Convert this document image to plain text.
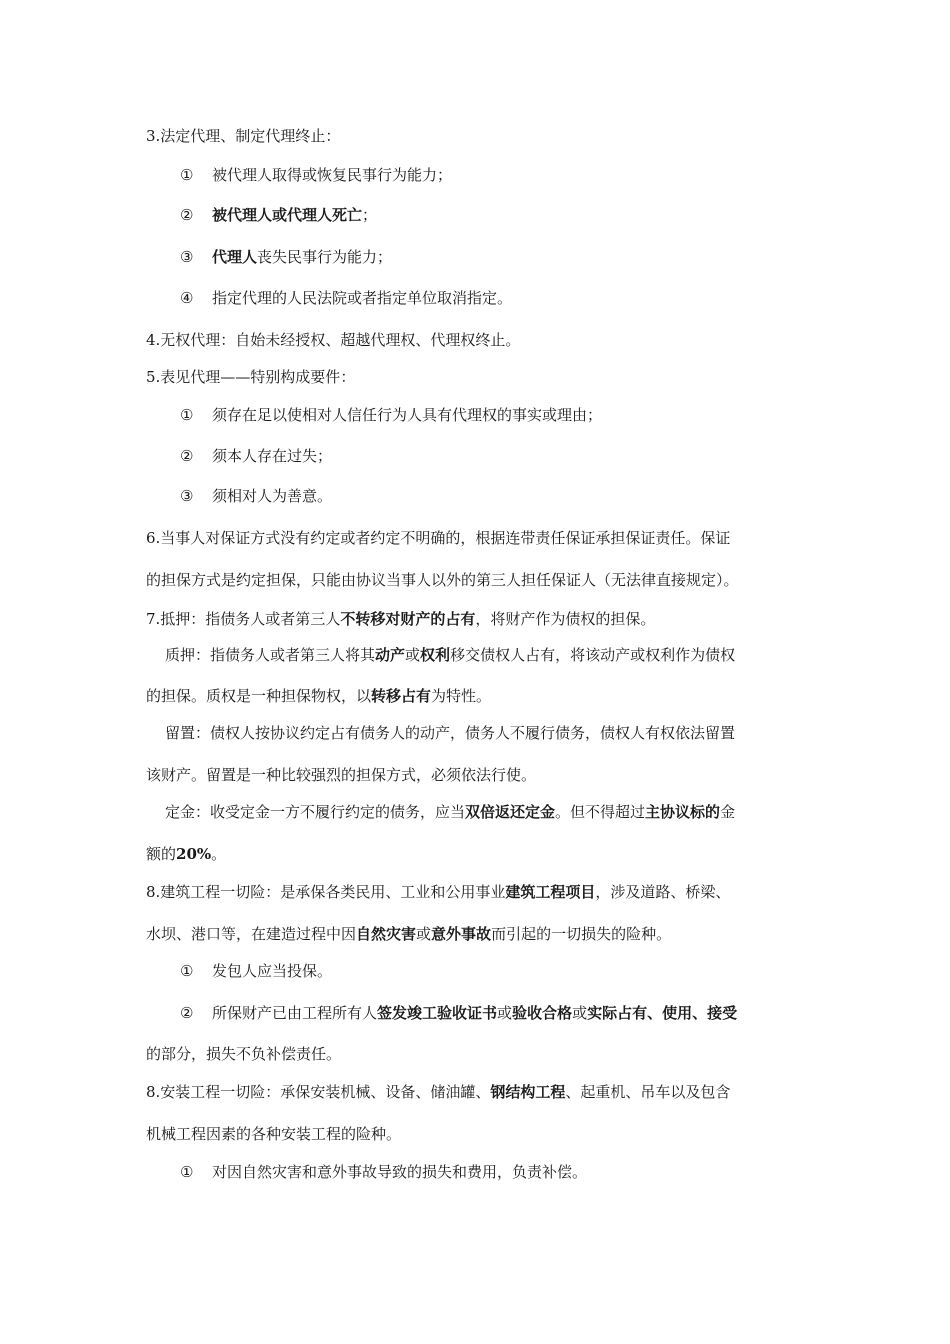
3.法定代理、制定代理终止：
① 被代理人取得或恢复民事行为能力；
② 被代理人或代理人死亡；
③ 代理人丧失民事行为能力；
④ 指定代理的人民法院或者指定单位取消指定。
4.无权代理：自始未经授权、超越代理权、代理权终止。
5.表见代理——特别构成要件：
① 须存在足以使相对人信任行为人具有代理权的事实或理由；
② 须本人存在过失；
③ 须相对人为善意。
6.当事人对保证方式没有约定或者约定不明确的，根据连带责任保证承担保证责任。保证
的担保方式是约定担保，只能由协议当事人以外的第三人担任保证人（无法律直接规定）。
7.抵押：指债务人或者第三人不转移对财产的占有，将财产作为债权的担保。
质押：指债务人或者第三人将其动产或权利移交债权人占有，将该动产或权利作为债权
的担保。质权是一种担保物权，以转移占有为特性。
留置：债权人按协议约定占有债务人的动产，债务人不履行债务，债权人有权依法留置
该财产。留置是一种比较强烈的担保方式，必须依法行使。
定金：收受定金一方不履行约定的债务，应当双倍返还定金。但不得超过主协议标的金
额的20%。
8.建筑工程一切险：是承保各类民用、工业和公用事业建筑工程项目，涉及道路、桥梁、
水坝、港口等，在建造过程中因自然灾害或意外事故而引起的一切损失的险种。
① 发包人应当投保。
② 所保财产已由工程所有人签发竣工验收证书或验收合格或实际占有、使用、接受
的部分，损失不负补偿责任。
8.安装工程一切险：承保安装机械、设备、储油罐、钢结构工程、起重机、吊车以及包含
机械工程因素的各种安装工程的险种。
① 对因自然灾害和意外事故导致的损失和费用，负责补偿。
